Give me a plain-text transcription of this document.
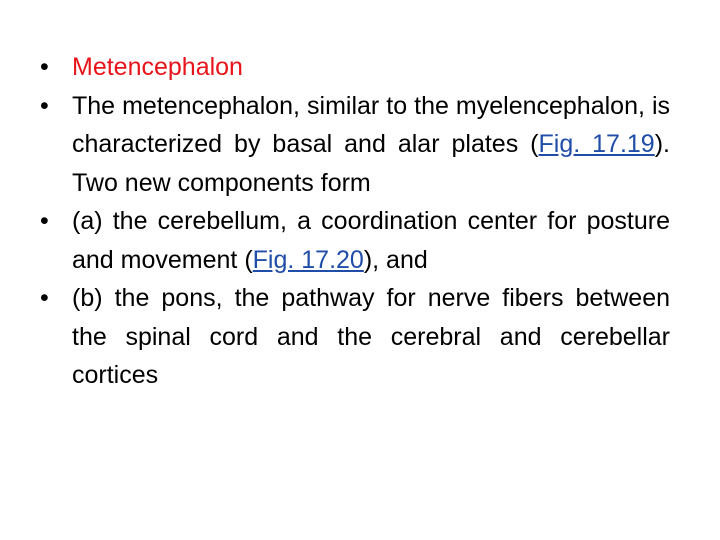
• Metencephalon
• The metencephalon, similar to the myelencephalon, is characterized by basal and alar plates (Fig. 17.19). Two new components form
• (a) the cerebellum, a coordination center for posture and movement (Fig. 17.20), and
• (b) the pons, the pathway for nerve fibers between the spinal cord and the cerebral and cerebellar cortices
